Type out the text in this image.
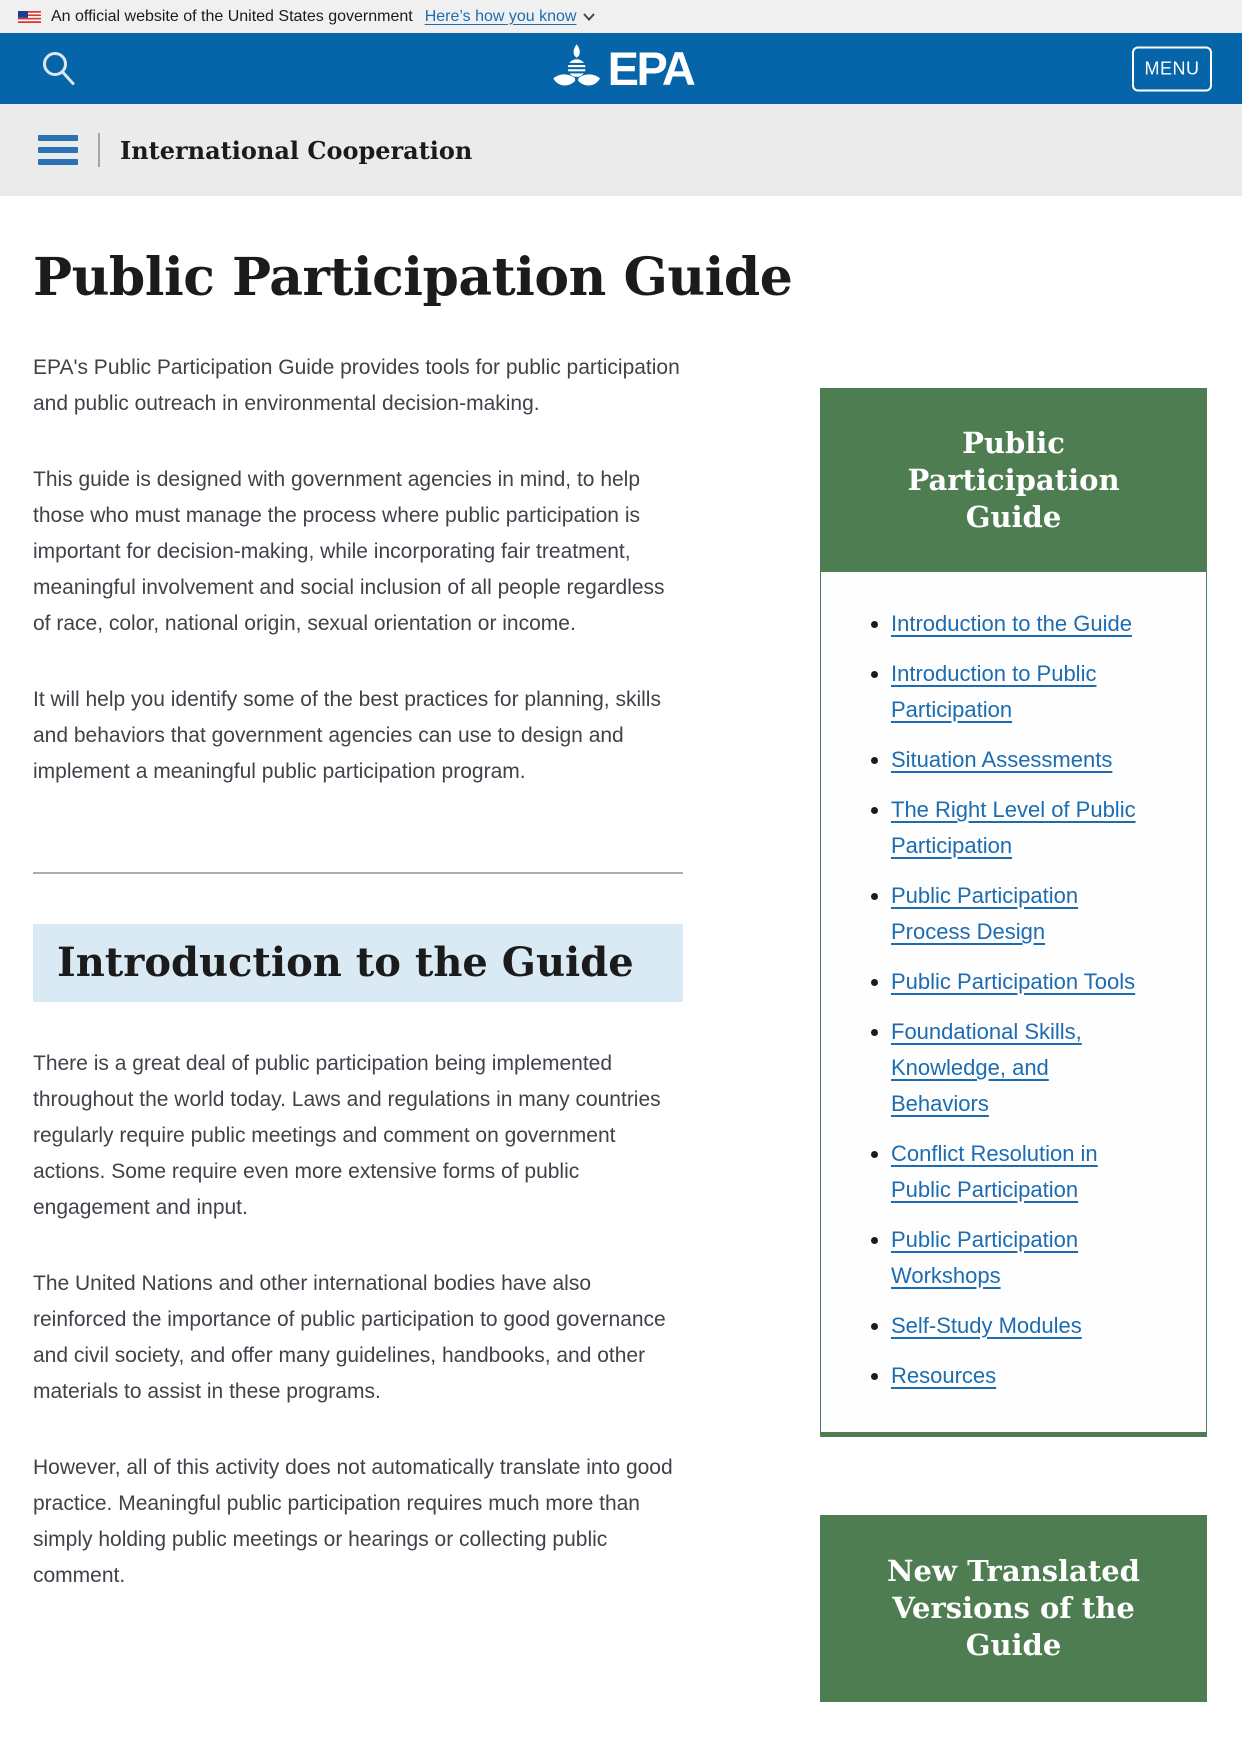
An official website of the United States government Here’s how you know
EPA	MENU
International Cooperation
Public Participation Guide

EPA's Public Participation Guide provides tools for public participation and public outreach in environmental decision-making.

This guide is designed with government agencies in mind, to help those who must manage the process where public participation is important for decision-making, while incorporating fair treatment, meaningful involvement and social inclusion of all people regardless of race, color, national origin, sexual orientation or income.

It will help you identify some of the best practices for planning, skills and behaviors that government agencies can use to design and implement a meaningful public participation program.

Introduction to the Guide

There is a great deal of public participation being implemented throughout the world today. Laws and regulations in many countries regularly require public meetings and comment on government actions. Some require even more extensive forms of public engagement and input.

The United Nations and other international bodies have also reinforced the importance of public participation to good governance and civil society, and offer many guidelines, handbooks, and other materials to assist in these programs.

However, all of this activity does not automatically translate into good practice. Meaningful public participation requires much more than simply holding public meetings or hearings or collecting public comment.

Public Participation Guide
• Introduction to the Guide
• Introduction to Public Participation
• Situation Assessments
• The Right Level of Public Participation
• Public Participation Process Design
• Public Participation Tools
• Foundational Skills, Knowledge, and Behaviors
• Conflict Resolution in Public Participation
• Public Participation Workshops
• Self-Study Modules
• Resources
New Translated Versions of the Guide
